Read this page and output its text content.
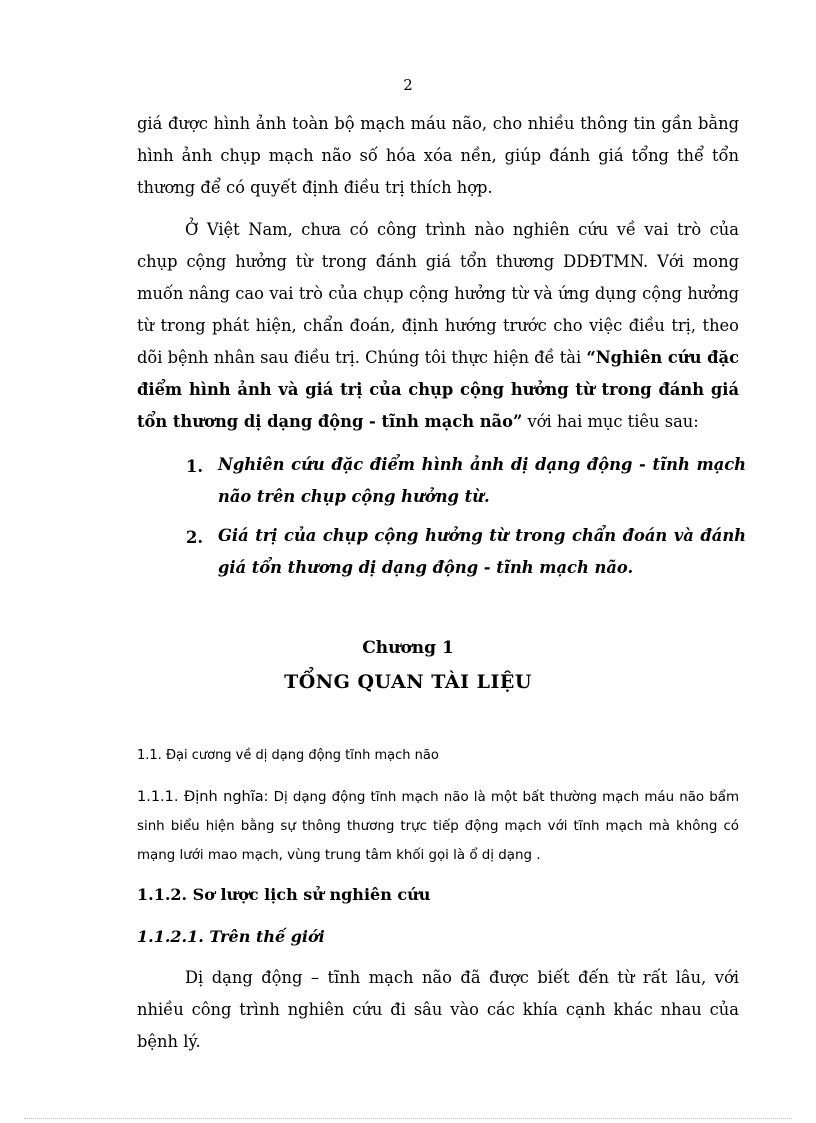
2

giá được hình ảnh toàn bộ mạch máu não, cho nhiều thông tin gần bằng hình ảnh chụp mạch não số hóa xóa nền, giúp đánh giá tổng thể tổn thương để có quyết định điều trị thích hợp.

Ở Việt Nam, chưa có công trình nào nghiên cứu về vai trò của chụp cộng hưởng từ trong đánh giá tổn thương DDĐTMN. Với mong muốn nâng cao vai trò của chụp cộng hưởng từ và ứng dụng cộng hưởng từ trong phát hiện, chẩn đoán, định hướng trước cho việc điều trị, theo dõi bệnh nhân sau điều trị. Chúng tôi thực hiện đề tài “Nghiên cứu đặc điểm hình ảnh và giá trị của chụp cộng hưởng từ trong đánh giá tổn thương dị dạng động - tĩnh mạch não” với hai mục tiêu sau:

1. Nghiên cứu đặc điểm hình ảnh dị dạng động - tĩnh mạch não trên chụp cộng hưởng từ.
2. Giá trị của chụp cộng hưởng từ trong chẩn đoán và đánh giá tổn thương dị dạng động - tĩnh mạch não.
Chương 1
TỔNG QUAN TÀI LIỆU
1.1. Đại cương về dị dạng động tĩnh mạch não

1.1.1. Định nghĩa: Dị dạng động tĩnh mạch não là một bất thường mạch máu não bẩm sinh biểu hiện bằng sự thông thương trực tiếp động mạch với tĩnh mạch mà không có mạng lưới mao mạch, vùng trung tâm khối gọi là ổ dị dạng .

1.1.2. Sơ lược lịch sử nghiên cứu
1.1.2.1. Trên thế giới

Dị dạng động – tĩnh mạch não đã được biết đến từ rất lâu, với nhiều công trình nghiên cứu đi sâu vào các khía cạnh khác nhau của bệnh lý.
